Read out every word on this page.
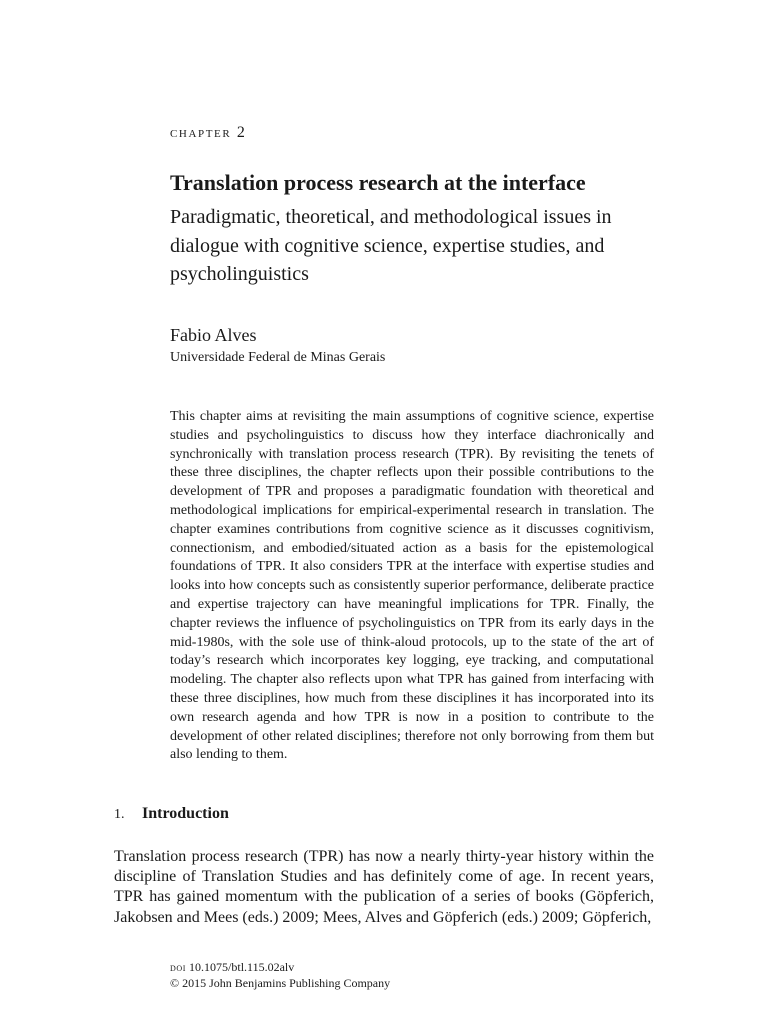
chapter 2
Translation process research at the interface

Paradigmatic, theoretical, and methodological issues in dialogue with cognitive science, expertise studies, and psycholinguistics

Fabio Alves
Universidade Federal de Minas Gerais

This chapter aims at revisiting the main assumptions of cognitive science, expertise studies and psycholinguistics to discuss how they interface diachronically and synchronically with translation process research (TPR). By revisiting the tenets of these three disciplines, the chapter reflects upon their possible contributions to the development of TPR and proposes a paradigmatic foundation with theoretical and methodological implications for empirical-experimental research in translation. The chapter examines contributions from cognitive science as it discusses cognitivism, connectionism, and embodied/situated action as a basis for the epistemological foundations of TPR. It also considers TPR at the interface with expertise studies and looks into how concepts such as consistently superior performance, deliberate practice and expertise trajectory can have meaningful implications for TPR. Finally, the chapter reviews the influence of psycholinguistics on TPR from its early days in the mid-1980s, with the sole use of think-aloud protocols, up to the state of the art of today’s research which incorporates key logging, eye tracking, and computational modeling. The chapter also reflects upon what TPR has gained from interfacing with these three disciplines, how much from these disciplines it has incorporated into its own research agenda and how TPR is now in a position to contribute to the development of other related disciplines; therefore not only borrowing from them but also lending to them.

1. Introduction

Translation process research (TPR) has now a nearly thirty-year history within the discipline of Translation Studies and has definitely come of age. In recent years, TPR has gained momentum with the publication of a series of books (Göpferich, Jakobsen and Mees (eds.) 2009; Mees, Alves and Göpferich (eds.) 2009; Göpferich,

doi 10.1075/btl.115.02alv
© 2015 John Benjamins Publishing Company
